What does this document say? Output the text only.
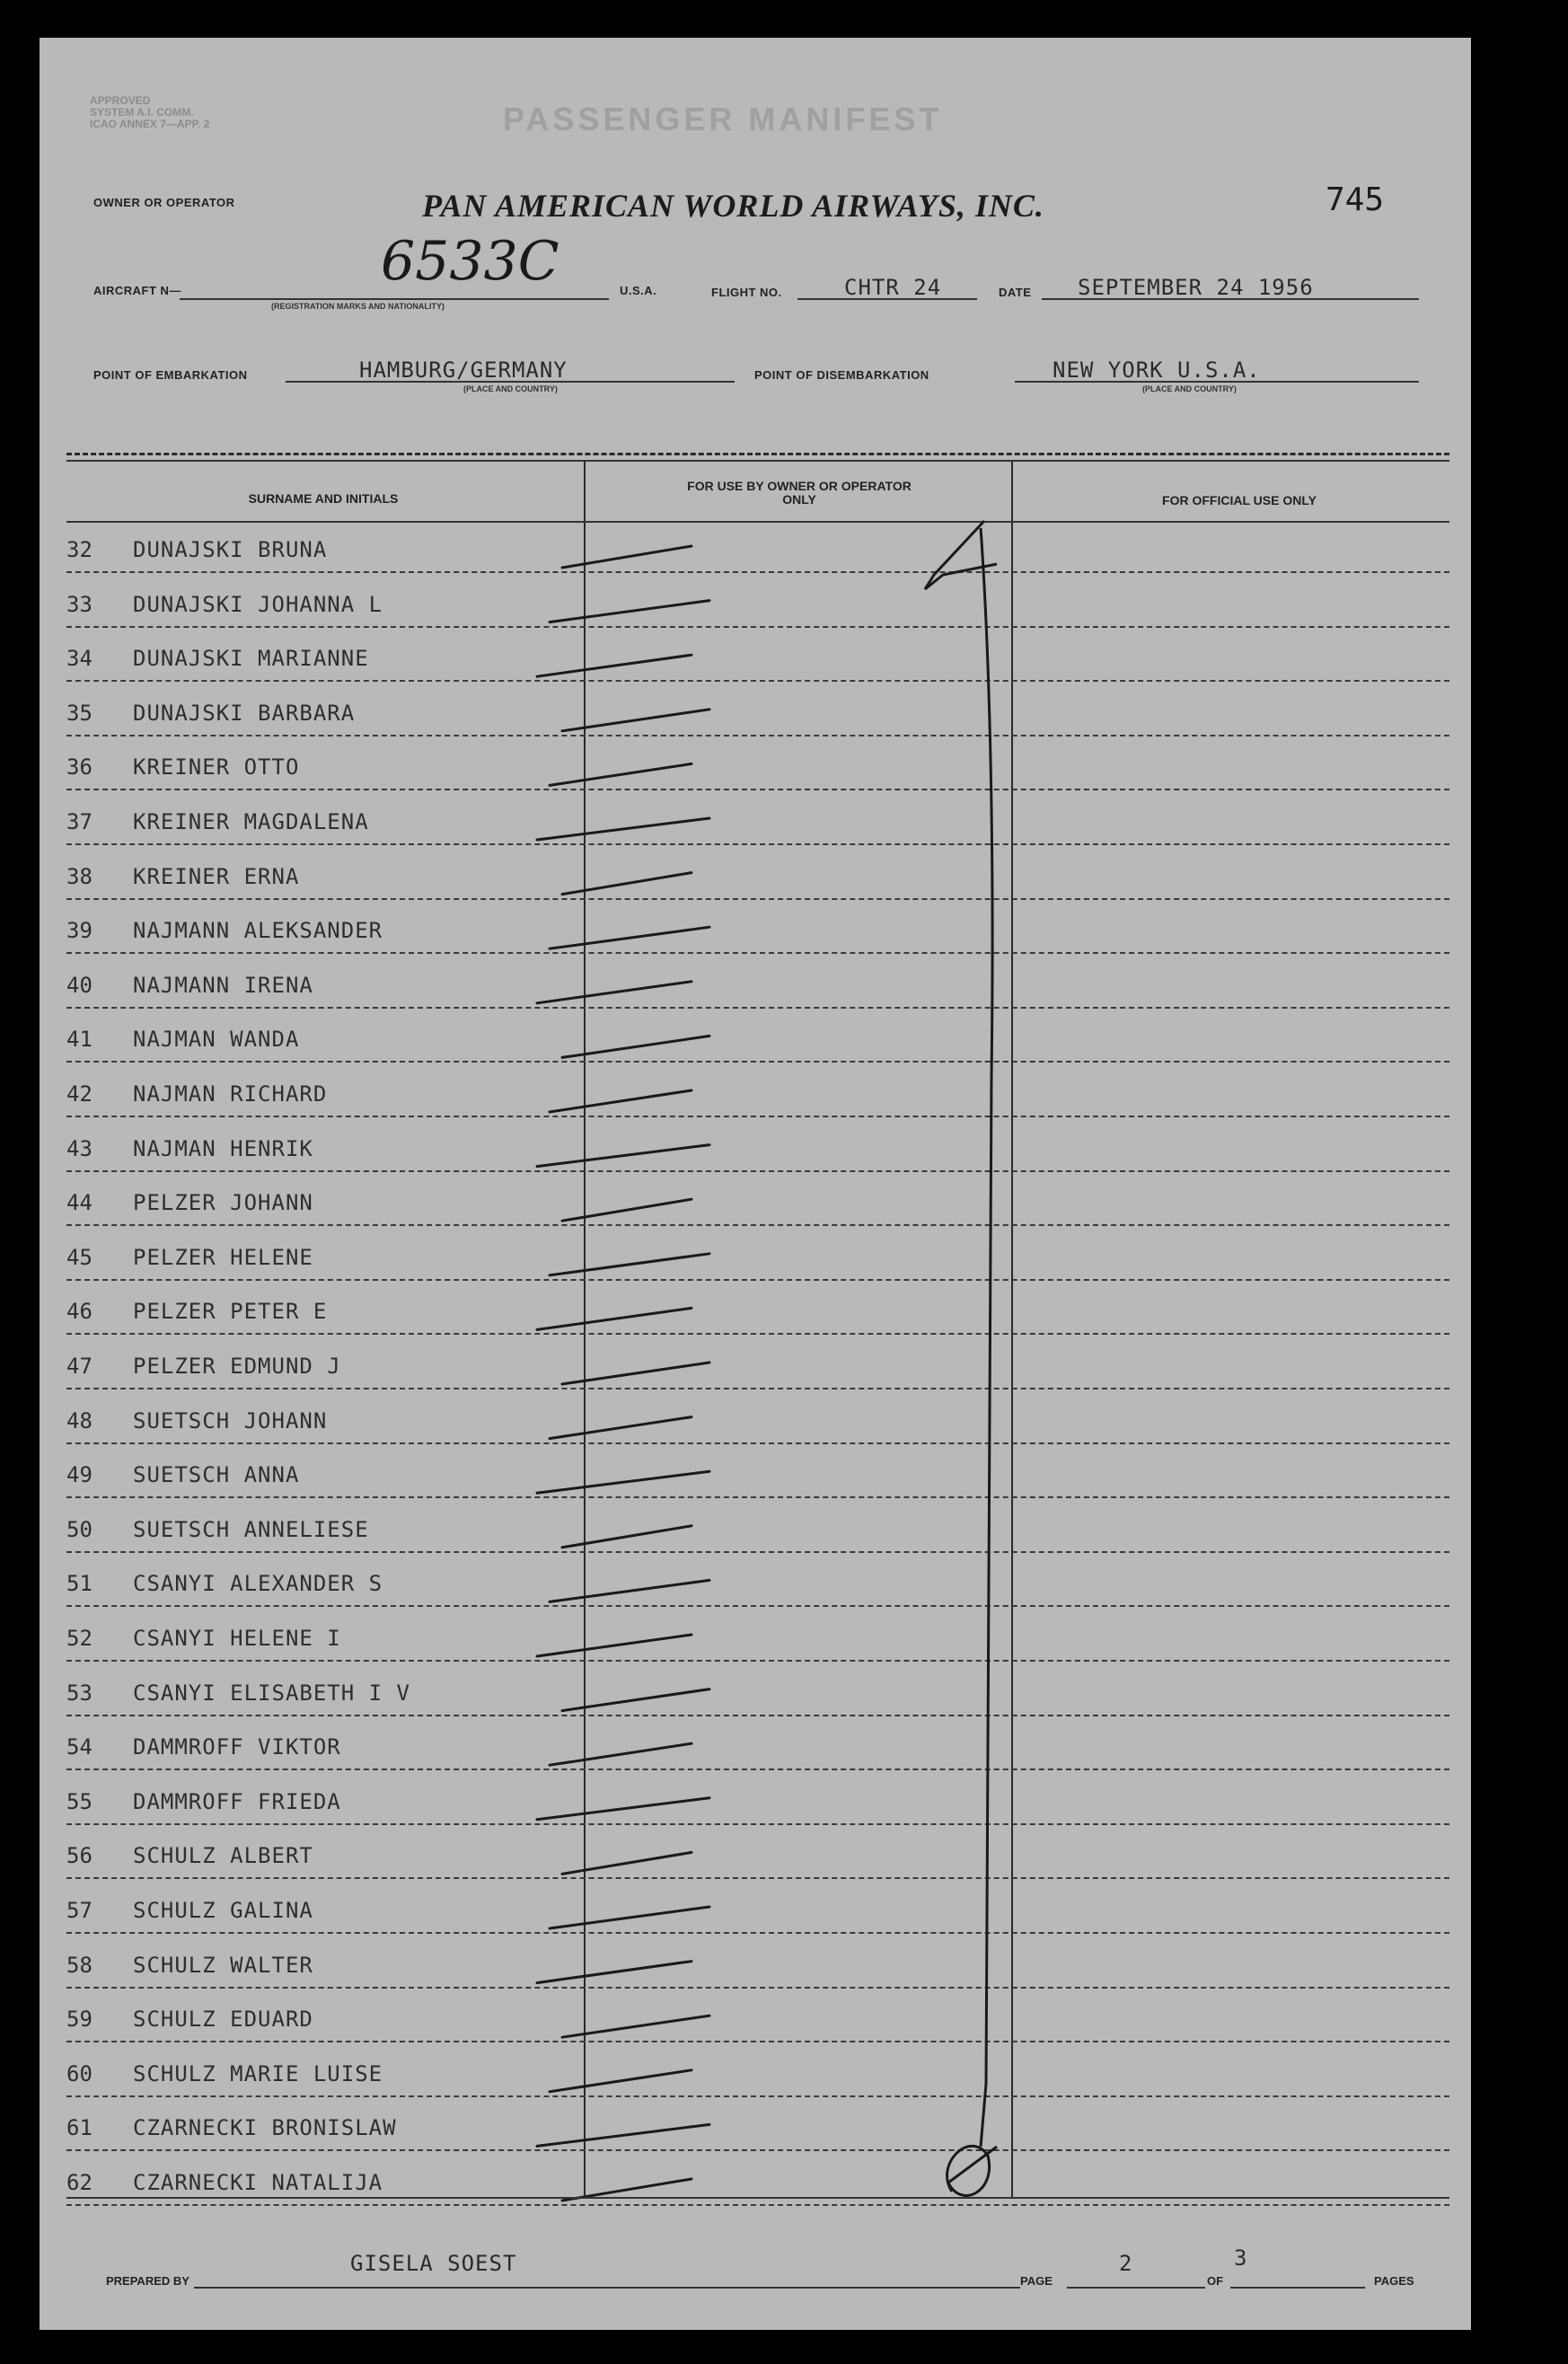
APPROVED
SYSTEM A.I. COMM.
ICAO ANNEX 7—APP. 2	PASSENGER MANIFEST
OWNER OR OPERATOR	PAN AMERICAN WORLD AIRWAYS, INC.	745
AIRCRAFT N—	6533C
(REGISTRATION MARKS AND NATIONALITY)
U.S.A.	FLIGHT NO.	CHTR 24	DATE SEPTEMBER 24 1956
POINT OF EMBARKATION	HAMBURG/GERMANY
(PLACE AND COUNTRY)
POINT OF DISEMBARKATION	NEW YORK U.S.A.
(PLACE AND COUNTRY)
SURNAME AND INITIALS
FOR USE BY OWNER OR OPERATOR ONLY	FOR OFFICIAL USE ONLY
32 DUNAJSKI BRUNA
33 DUNAJSKI JOHANNA L
34 DUNAJSKI MARIANNE
35 DUNAJSKI BARBARA
36 KREINER OTTO
37 KREINER MAGDALENA
38 KREINER ERNA
39 NAJMANN ALEKSANDER
40 NAJMANN IRENA
41 NAJMAN WANDA
42 NAJMAN RICHARD
43 NAJMAN HENRIK
44 PELZER JOHANN
45 PELZER HELENE
46 PELZER PETER E
47 PELZER EDMUND J
48 SUETSCH JOHANN
49 SUETSCH ANNA
50 SUETSCH ANNELIESE
51 CSANYI ALEXANDER S
52 CSANYI HELENE I
53 CSANYI ELISABETH I V
54 DAMMROFF VIKTOR
55 DAMMROFF FRIEDA
56 SCHULZ ALBERT
57 SCHULZ GALINA
58 SCHULZ WALTER
59 SCHULZ EDUARD
60 SCHULZ MARIE LUISE
61 CZARNECKI BRONISLAW
62 CZARNECKI NATALIJA
PREPARED BY
GISELA SOEST
PAGE
2
OF
3
PAGES
